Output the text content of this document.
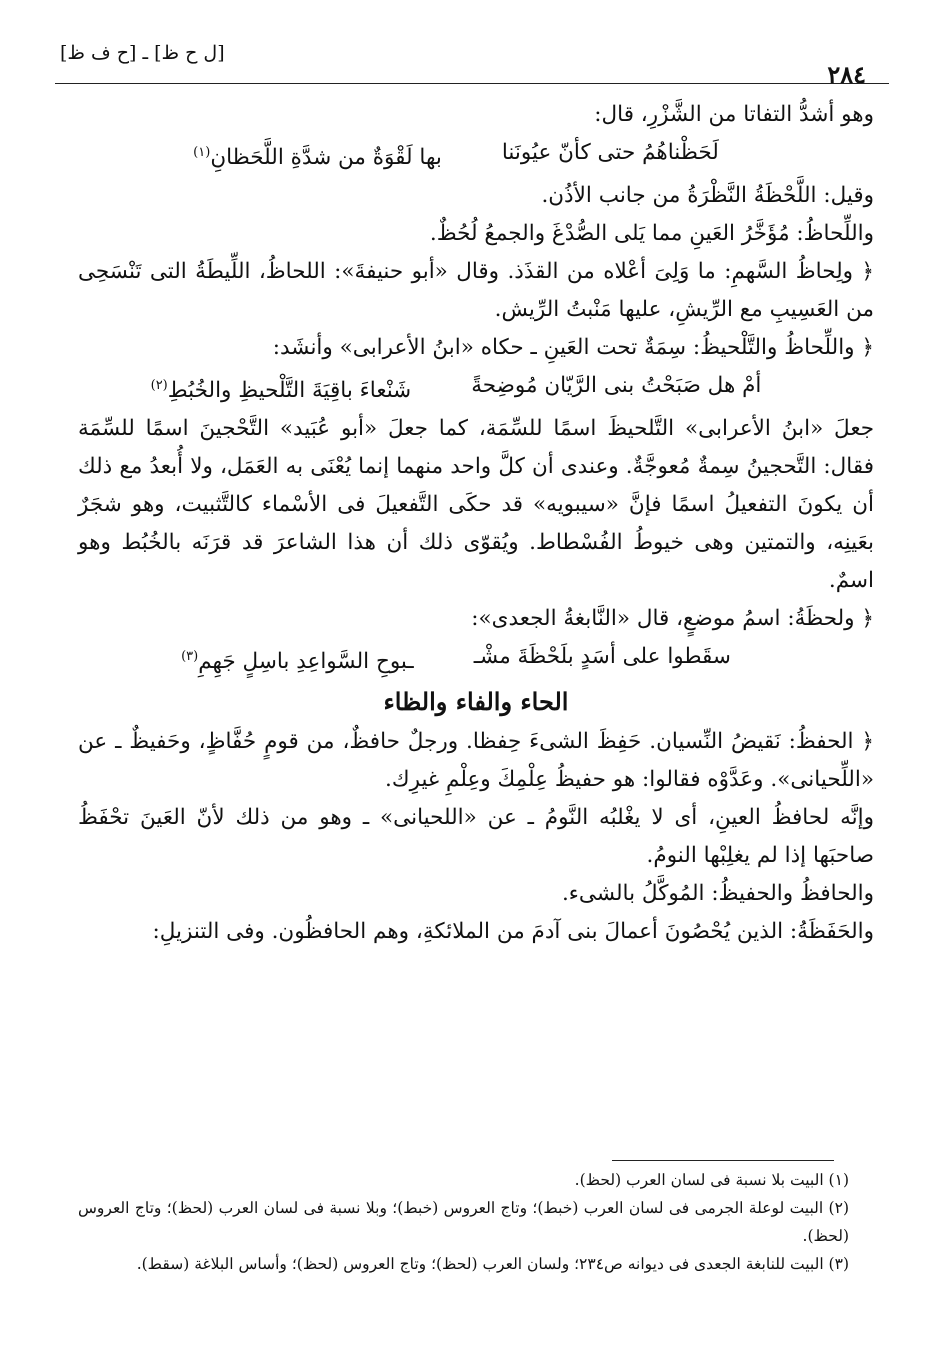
[ل ح ظ] ـ [ح ف ظ]
٢٨٤

وهو أشدُّ التفاتا من الشَّزْرِ، قال:

لَحَظْناهُمُ حتى كأنّ عيُونَنا
بها لَقْوَةٌ من شدَّةِ اللَّحَظانِ$^{(١)}$

وقيل: اللَّحْظَةُ النَّظْرَةُ من جانب الأذُن.

واللِّحاظُ: مُؤَخَّرُ العَينِ مما يَلى الصُّدْغَ والجمعُ لُحُظٌ.

﴿ ولِحاظُ السَّهمِ: ما وَلِىَ أعْلاه من القذَذ. وقال «أبو حنيفةَ»: اللحاظُ، اللِّيطَةُ التى تَنْسَحِى من العَسِيبِ مع الرِّيشِ، عليها مَنْبتُ الرِّيش.

﴿ واللِّحاظُ والتَّلْحيظُ: سِمَةٌ تحت العَينِ ـ حكاه «ابنُ الأعرابى» وأنشَد:

أمْ هل صَبَحْتُ بنى الرَّيّان مُوضِحةً
شَنْعاءَ باقِيَةَ التَّلْحيظِ والخُبُطِ$^{(٢)}$

جعلَ «ابنُ الأعرابى» التَّلحيظَ اسمًا للسِّمَة، كما جعلَ «أبو عُبَيد» التَّحْجينَ اسمًا للسِّمَة فقال: التَّحجينُ سِمةٌ مُعوجَّةٌ. وعندى أن كلَّ واحد منهما إنما يُعْنَى به العَمَل، ولا أُبعدُ مع ذلك أن يكونَ التفعيلُ اسمًا فإنَّ «سيبويه» قد حكَى التَّفعيلَ فى الأسْماء كالتَّثبيت، وهو شجَرٌ بعَينِه، والتمتين وهى خيوطُ الفُسْطاط. ويُقوّى ذلك أن هذا الشاعرَ قد قرَنَه بالخُبُط وهو اسمٌ.

﴿ ولحظَةُ: اسمُ موضعٍ، قال «النَّابغةُ الجعدى»:

سقَطوا على أسَدٍ بلَحْظَةَ مشْـ
ـبوحِ السَّواعِدِ باسِلٍ جَهِمِ$^{(٣)}$
الحاء والفاء والظاء

﴿ الحفظُ: نَقيضُ النِّسيان. حَفِظَ الشىءَ حِفظا. ورجلٌ حافظٌ، من قومٍ حُفَّاظٍ، وحَفيظٌ ـ عن «اللِّحيانى». وعَدَّوْه فقالوا: هو حفيظُ عِلْمِكَ وعِلْمِ غيرِك.

وإنَّه لحافظُ العينِ، أى لا يغْلبُه النَّومُ ـ عن «اللحيانى» ـ وهو من ذلك لأنّ العَينَ تحْفَظُ صاحبَها إذا لم يغلِبْها النومُ.

والحافظُ والحفيظُ: المُوكَّلُ بالشىء.

والحَفَظَةُ: الذين يُحْصُونَ أعمالَ بنى آدمَ من الملائكةِ، وهم الحافظُون. وفى التنزيلِ:

(١) البيت بلا نسبة فى لسان العرب (لحظ).

(٢) البيت لوعلة الجرمى فى لسان العرب (خبط)؛ وتاج العروس (خبط)؛ وبلا نسبة فى لسان العرب (لحظ)؛ وتاج العروس (لحظ).

(٣) البيت للنابغة الجعدى فى ديوانه ص٢٣٤؛ ولسان العرب (لحظ)؛ وتاج العروس (لحظ)؛ وأساس البلاغة (سقط).
